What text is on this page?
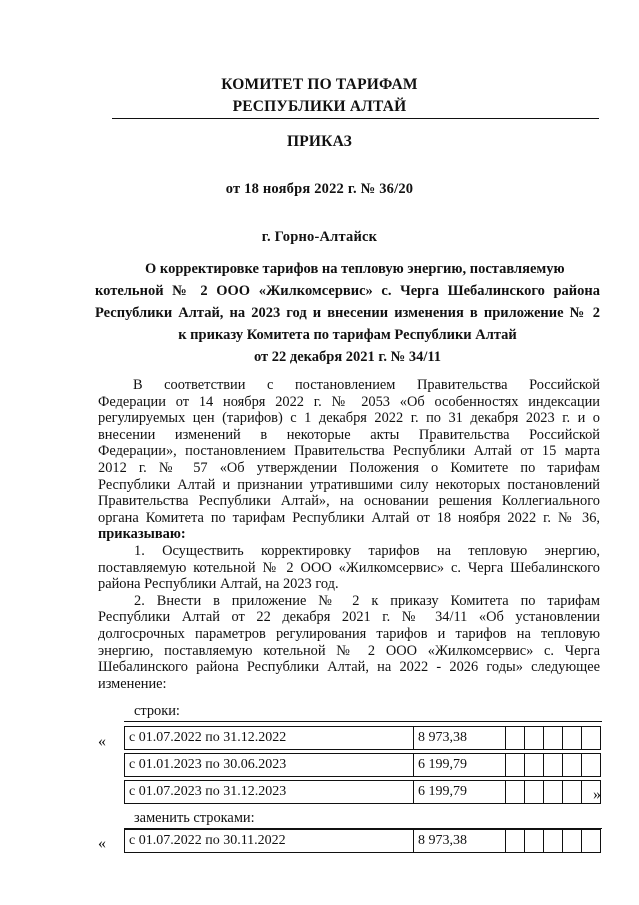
КОМИТЕТ ПО ТАРИФАМ
РЕСПУБЛИКИ АЛТАЙ
ПРИКАЗ
от 18 ноября 2022 г. № 36/20
г. Горно-Алтайск
О корректировке тарифов на тепловую энергию, поставляемую
котельной № 2 ООО «Жилкомсервис» с. Черга Шебалинского района
Республики Алтай, на 2023 год и внесении изменения в приложение № 2
к приказу Комитета по тарифам Республики Алтай
от 22 декабря 2021 г. № 34/11
В соответствии с постановлением Правительства Российской
Федерации от 14 ноября 2022 г. № 2053 «Об особенностях индексации
регулируемых цен (тарифов) с 1 декабря 2022 г. по 31 декабря 2023 г. и о
внесении изменений в некоторые акты Правительства Российской
Федерации», постановлением Правительства Республики Алтай от 15 марта
2012 г. № 57 «Об утверждении Положения о Комитете по тарифам
Республики Алтай и признании утратившими силу некоторых постановлений
Правительства Республики Алтай», на основании решения Коллегиального
органа Комитета по тарифам Республики Алтай от 18 ноября 2022 г. № 36,
приказываю:
1. Осуществить корректировку тарифов на тепловую энергию,
поставляемую котельной № 2 ООО «Жилкомсервис» с. Черга Шебалинского
района Республики Алтай, на 2023 год.
2. Внести в приложение № 2 к приказу Комитета по тарифам
Республики Алтай от 22 декабря 2021 г. № 34/11 «Об установлении
долгосрочных параметров регулирования тарифов и тарифов на тепловую
энергию, поставляемую котельной № 2 ООО «Жилкомсервис» с. Черга
Шебалинского района Республики Алтай, на 2022 - 2026 годы» следующее
изменение:
строки:
«	с 01.07.2022 по 31.12.2022	8 973,38
с 01.01.2023 по 30.06.2023	6 199,79
с 01.07.2023 по 31.12.2023	6 199,79	»
заменить строками:
«	с 01.07.2022 по 30.11.2022	8 973,38
